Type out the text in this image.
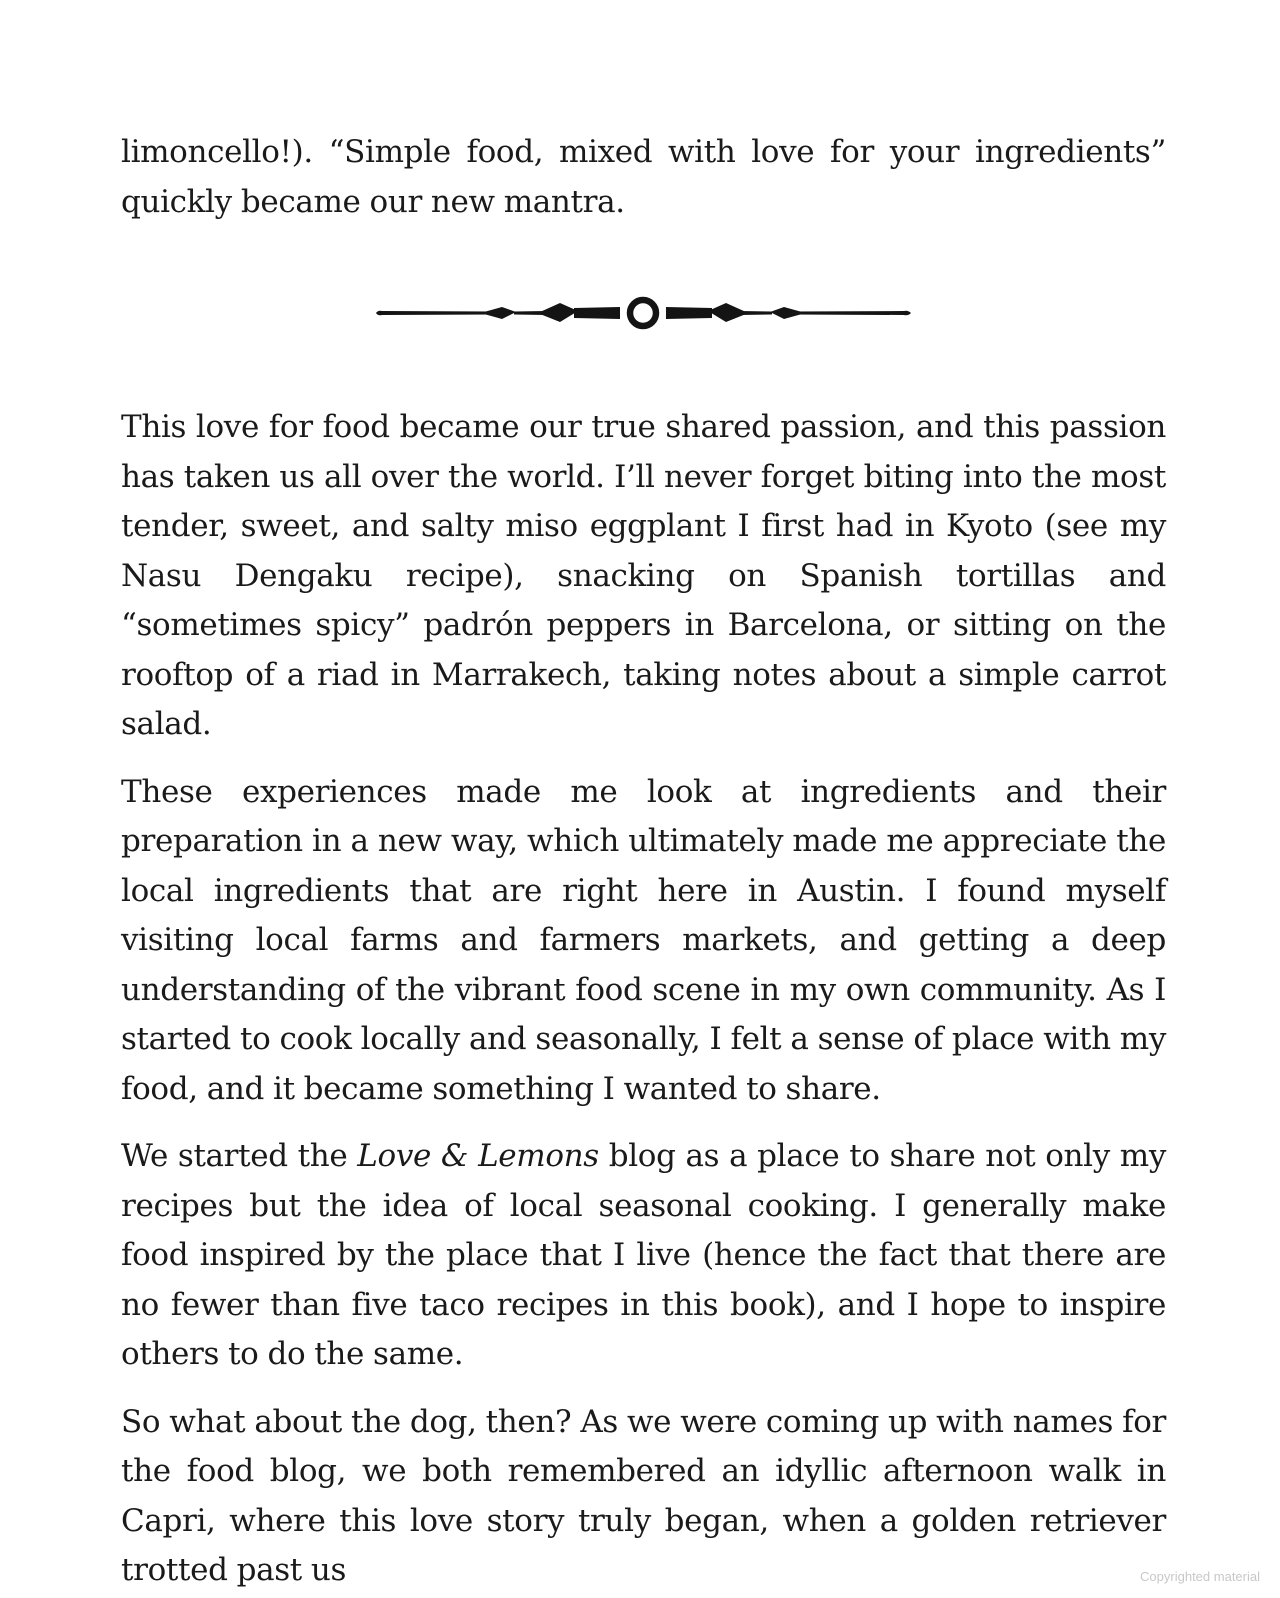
limoncello!). “Simple food, mixed with love for your ingredients” quickly became our new mantra.

This love for food became our true shared passion, and this passion has taken us all over the world. I’ll never forget biting into the most tender, sweet, and salty miso eggplant I first had in Kyoto (see my Nasu Dengaku recipe), snacking on Spanish tortillas and “sometimes spicy” padrón peppers in Barcelona, or sitting on the rooftop of a riad in Marrakech, taking notes about a simple carrot salad.

These experiences made me look at ingredients and their preparation in a new way, which ultimately made me appreciate the local ingredients that are right here in Austin. I found myself visiting local farms and farmers markets, and getting a deep understanding of the vibrant food scene in my own community. As I started to cook locally and seasonally, I felt a sense of place with my food, and it became something I wanted to share.

We started the Love & Lemons blog as a place to share not only my recipes but the idea of local seasonal cooking. I generally make food inspired by the place that I live (hence the fact that there are no fewer than five taco recipes in this book), and I hope to inspire others to do the same.

So what about the dog, then? As we were coming up with names for the food blog, we both remembered an idyllic afternoon walk in Capri, where this love story truly began, when a golden retriever trotted past us	Copyrighted material
